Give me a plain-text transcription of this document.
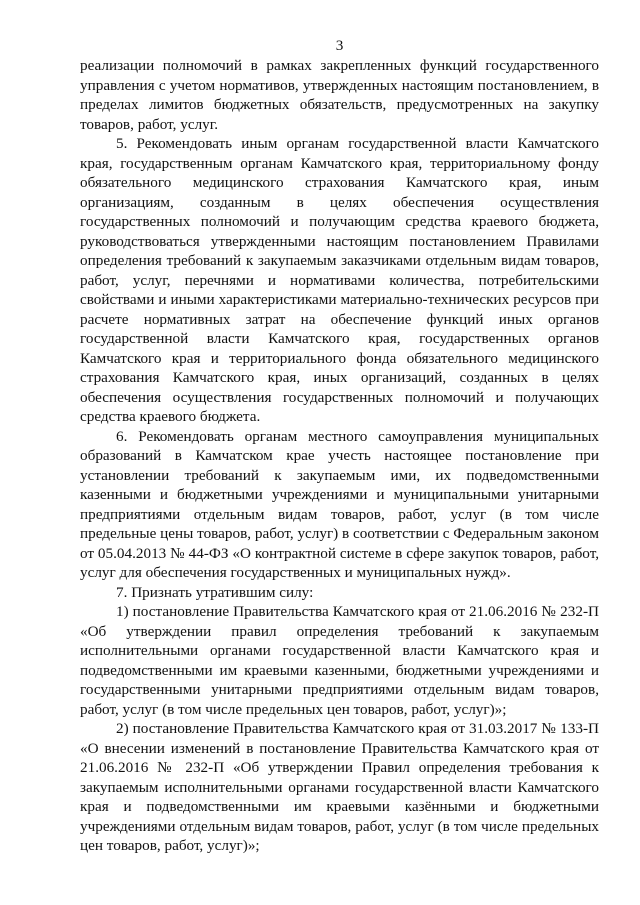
3

реализации полномочий в рамках закрепленных функций государственного управления с учетом нормативов, утвержденных настоящим постановлением, в пределах лимитов бюджетных обязательств, предусмотренных на закупку товаров, работ, услуг.

5. Рекомендовать иным органам государственной власти Камчатского края, государственным органам Камчатского края, территориальному фонду обязательного медицинского страхования Камчатского края, иным организациям, созданным в целях обеспечения осуществления государственных полномочий и получающим средства краевого бюджета, руководствоваться утвержденными настоящим постановлением Правилами определения требований к закупаемым заказчиками отдельным видам товаров, работ, услуг, перечнями и нормативами количества, потребительскими свойствами и иными характеристиками материально-технических ресурсов при расчете нормативных затрат на обеспечение функций иных органов государственной власти Камчатского края, государственных органов Камчатского края и территориального фонда обязательного медицинского страхования Камчатского края, иных организаций, созданных в целях обеспечения осуществления государственных полномочий и получающих средства краевого бюджета.

6. Рекомендовать органам местного самоуправления муниципальных образований в Камчатском крае учесть настоящее постановление при установлении требований к закупаемым ими, их подведомственными казенными и бюджетными учреждениями и муниципальными унитарными предприятиями отдельным видам товаров, работ, услуг (в том числе предельные цены товаров, работ, услуг) в соответствии с Федеральным законом от 05.04.2013 № 44-ФЗ «О контрактной системе в сфере закупок товаров, работ, услуг для обеспечения государственных и муниципальных нужд».

7. Признать утратившим силу:

1) постановление Правительства Камчатского края от 21.06.2016 № 232-П «Об утверждении правил определения требований к закупаемым исполнительными органами государственной власти Камчатского края и подведомственными им краевыми казенными, бюджетными учреждениями и государственными унитарными предприятиями отдельным видам товаров, работ, услуг (в том числе предельных цен товаров, работ, услуг)»;

2) постановление Правительства Камчатского края от 31.03.2017 № 133-П «О внесении изменений в постановление Правительства Камчатского края от 21.06.2016 № 232-П «Об утверждении Правил определения требования к закупаемым исполнительными органами государственной власти Камчатского края и подведомственными им краевыми казёнными и бюджетными учреждениями отдельным видам товаров, работ, услуг (в том числе предельных цен товаров, работ, услуг)»;
